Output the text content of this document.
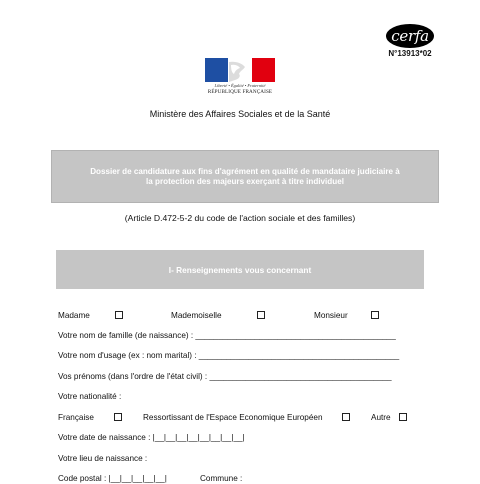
cerfa
N°13913*02
Liberté • Égalité • Fraternité
RÉPUBLIQUE FRANÇAISE
Ministère des Affaires Sociales et de la Santé
Dossier de candidature aux fins d'agrément en qualité de mandataire judiciaire à
la protection des majeurs exerçant à titre individuel
(Article D.472-5-2 du code de l'action sociale et des familles)
I- Renseignements vous concernant
Madame	Mademoiselle	Monsieur
Votre nom de famille (de naissance) : ____________________________________________
Votre nom d'usage (ex : nom marital) : ____________________________________________
Vos prénoms (dans l'ordre de l'état civil) : ________________________________________
Votre nationalité :
Française	Ressortissant de l'Espace Economique Européen	Autre
Votre date de naissance : |__|__|__|__|__|__|__|__|
Votre lieu de naissance :
Code postal : |__|__|__|__|__|	Commune :
